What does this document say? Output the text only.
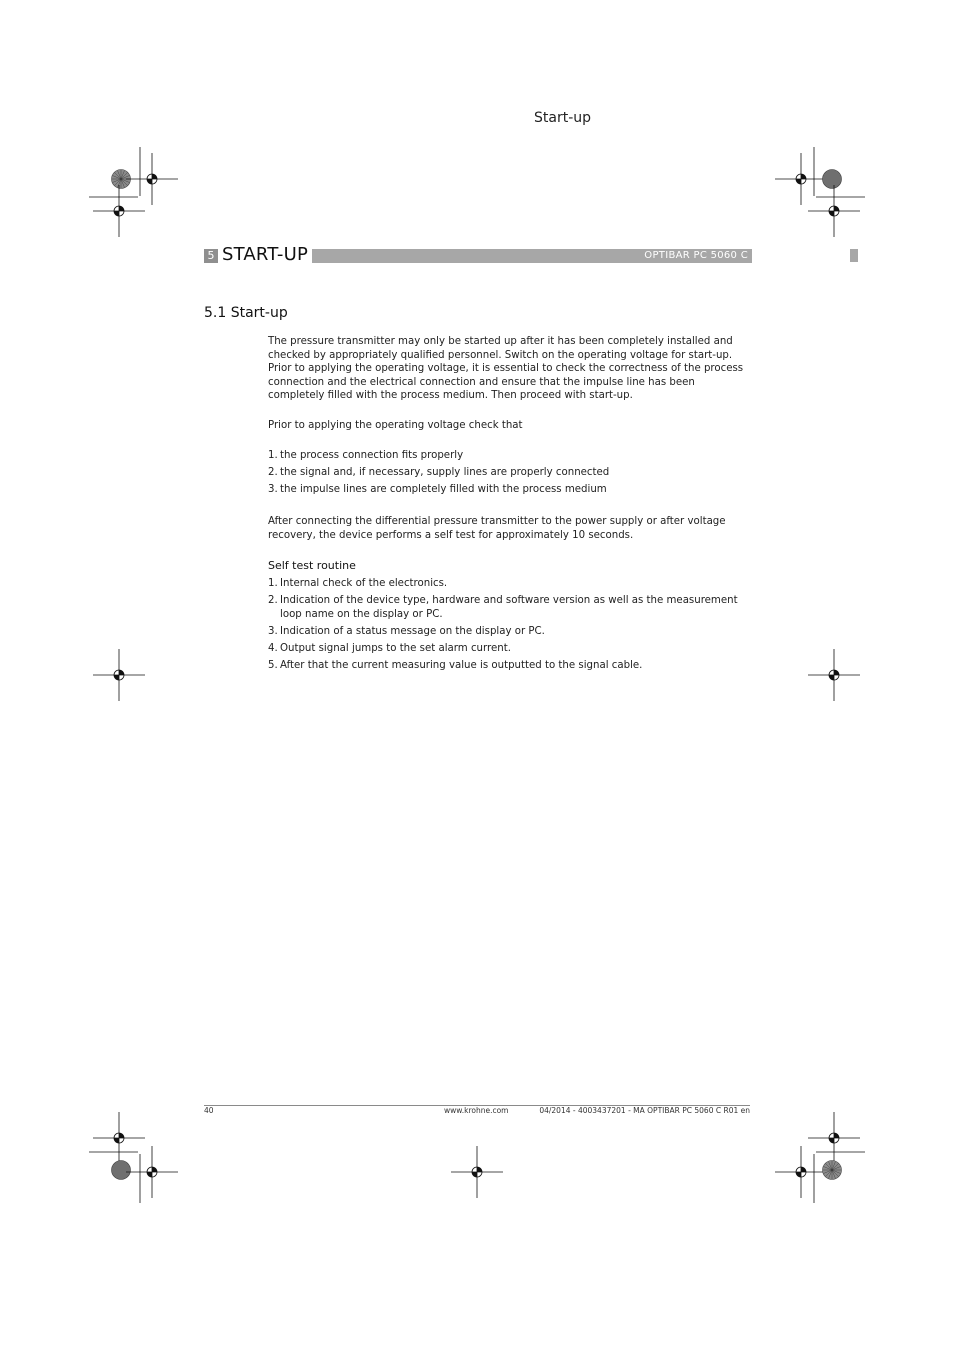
Start-up
5 START-UP	OPTIBAR PC 5060 C
5.1 Start-up
The pressure transmitter may only be started up after it has been completely installed and checked by appropriately qualified personnel. Switch on the operating voltage for start-up. Prior to applying the operating voltage, it is essential to check the correctness of the process connection and the electrical connection and ensure that the impulse line has been completely filled with the process medium. Then proceed with start-up.
Prior to applying the operating voltage check that
1. the process connection fits properly
2. the signal and, if necessary, supply lines are properly connected
3. the impulse lines are completely filled with the process medium
After connecting the differential pressure transmitter to the power supply or after voltage recovery, the device performs a self test for approximately 10 seconds.
Self test routine
1. Internal check of the electronics.
2. Indication of the device type, hardware and software version as well as the measurement loop name on the display or PC.
3. Indication of a status message on the display or PC.
4. Output signal jumps to the set alarm current.
5. After that the current measuring value is outputted to the signal cable.
40	www.krohne.com	04/2014 - 4003437201 - MA OPTIBAR PC 5060 C R01 en
